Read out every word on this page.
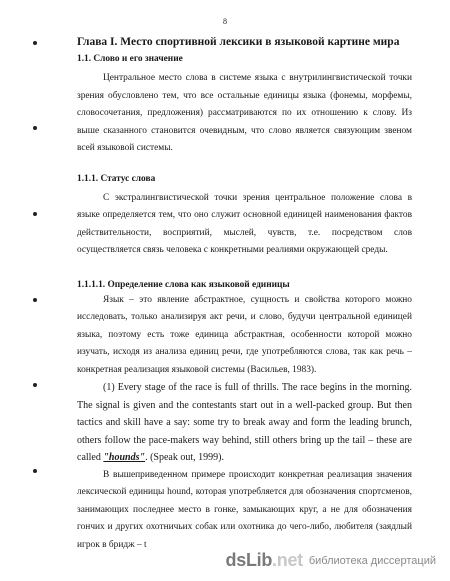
8
Глава I. Место спортивной лексики в языковой картине мира
1.1. Слово и его значение

Центральное место слова в системе языка с внутрилингвистической точки зрения обусловлено тем, что все остальные единицы языка (фонемы, морфемы, словосочетания, предложения) рассматриваются по их отношению к слову. Из выше сказанного становится очевидным, что слово является связующим звеном всей языковой системы.

1.1.1. Статус слова

С экстралингвистической точки зрения центральное положение слова в языке определяется тем, что оно служит основной единицей наименования фактов действительности, восприятий, мыслей, чувств, т.е. посредством слов осуществляется связь человека с конкретными реалиями окружающей среды.

1.1.1.1. Определение слова как языковой единицы

Язык – это явление абстрактное, сущность и свойства которого можно исследовать, только анализируя акт речи, и слово, будучи центральной единицей языка, поэтому есть тоже единица абстрактная, особенности которой можно изучать, исходя из анализа единиц речи, где употребляются слова, так как речь – конкретная реализация языковой системы (Васильев, 1983).

(1) Every stage of the race is full of thrills. The race begins in the morning. The signal is given and the contestants start out in a well-packed group. But then tactics and skill have a say: some try to break away and form the leading brunch, others follow the pace-makers way behind, still others bring up the tail – these are called "hounds". (Speak out, 1999).

В вышеприведенном примере происходит конкретная реализация значения лексической единицы hound, которая употребляется для обозначения спортсменов, занимающих последнее место в гонке, замыкающих круг, а не для обозначения гончих и других охотничьих собак или охотника до чего-либо, любителя (заядлый игрок в бридж – t

dsLib.net библиотека диссертаций
